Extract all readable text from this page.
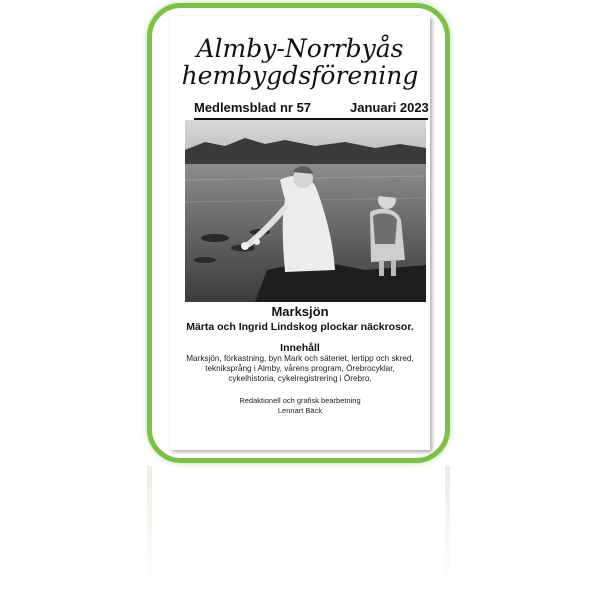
Almby-Norrbyås
hembygdsförening
Medlemsblad nr 57	Januari 2023
Marksjön
Märta och Ingrid Lindskog plockar näckrosor.
Innehåll
Marksjön, förkastning, byn Mark och säteriet, lertipp och skred, tekniksprång i Almby, vårens program, Örebrocyklar, cykelhistoria, cykelregistrering i Örebro.
Redaktionell och grafisk bearbetning
Lennart Bäck
